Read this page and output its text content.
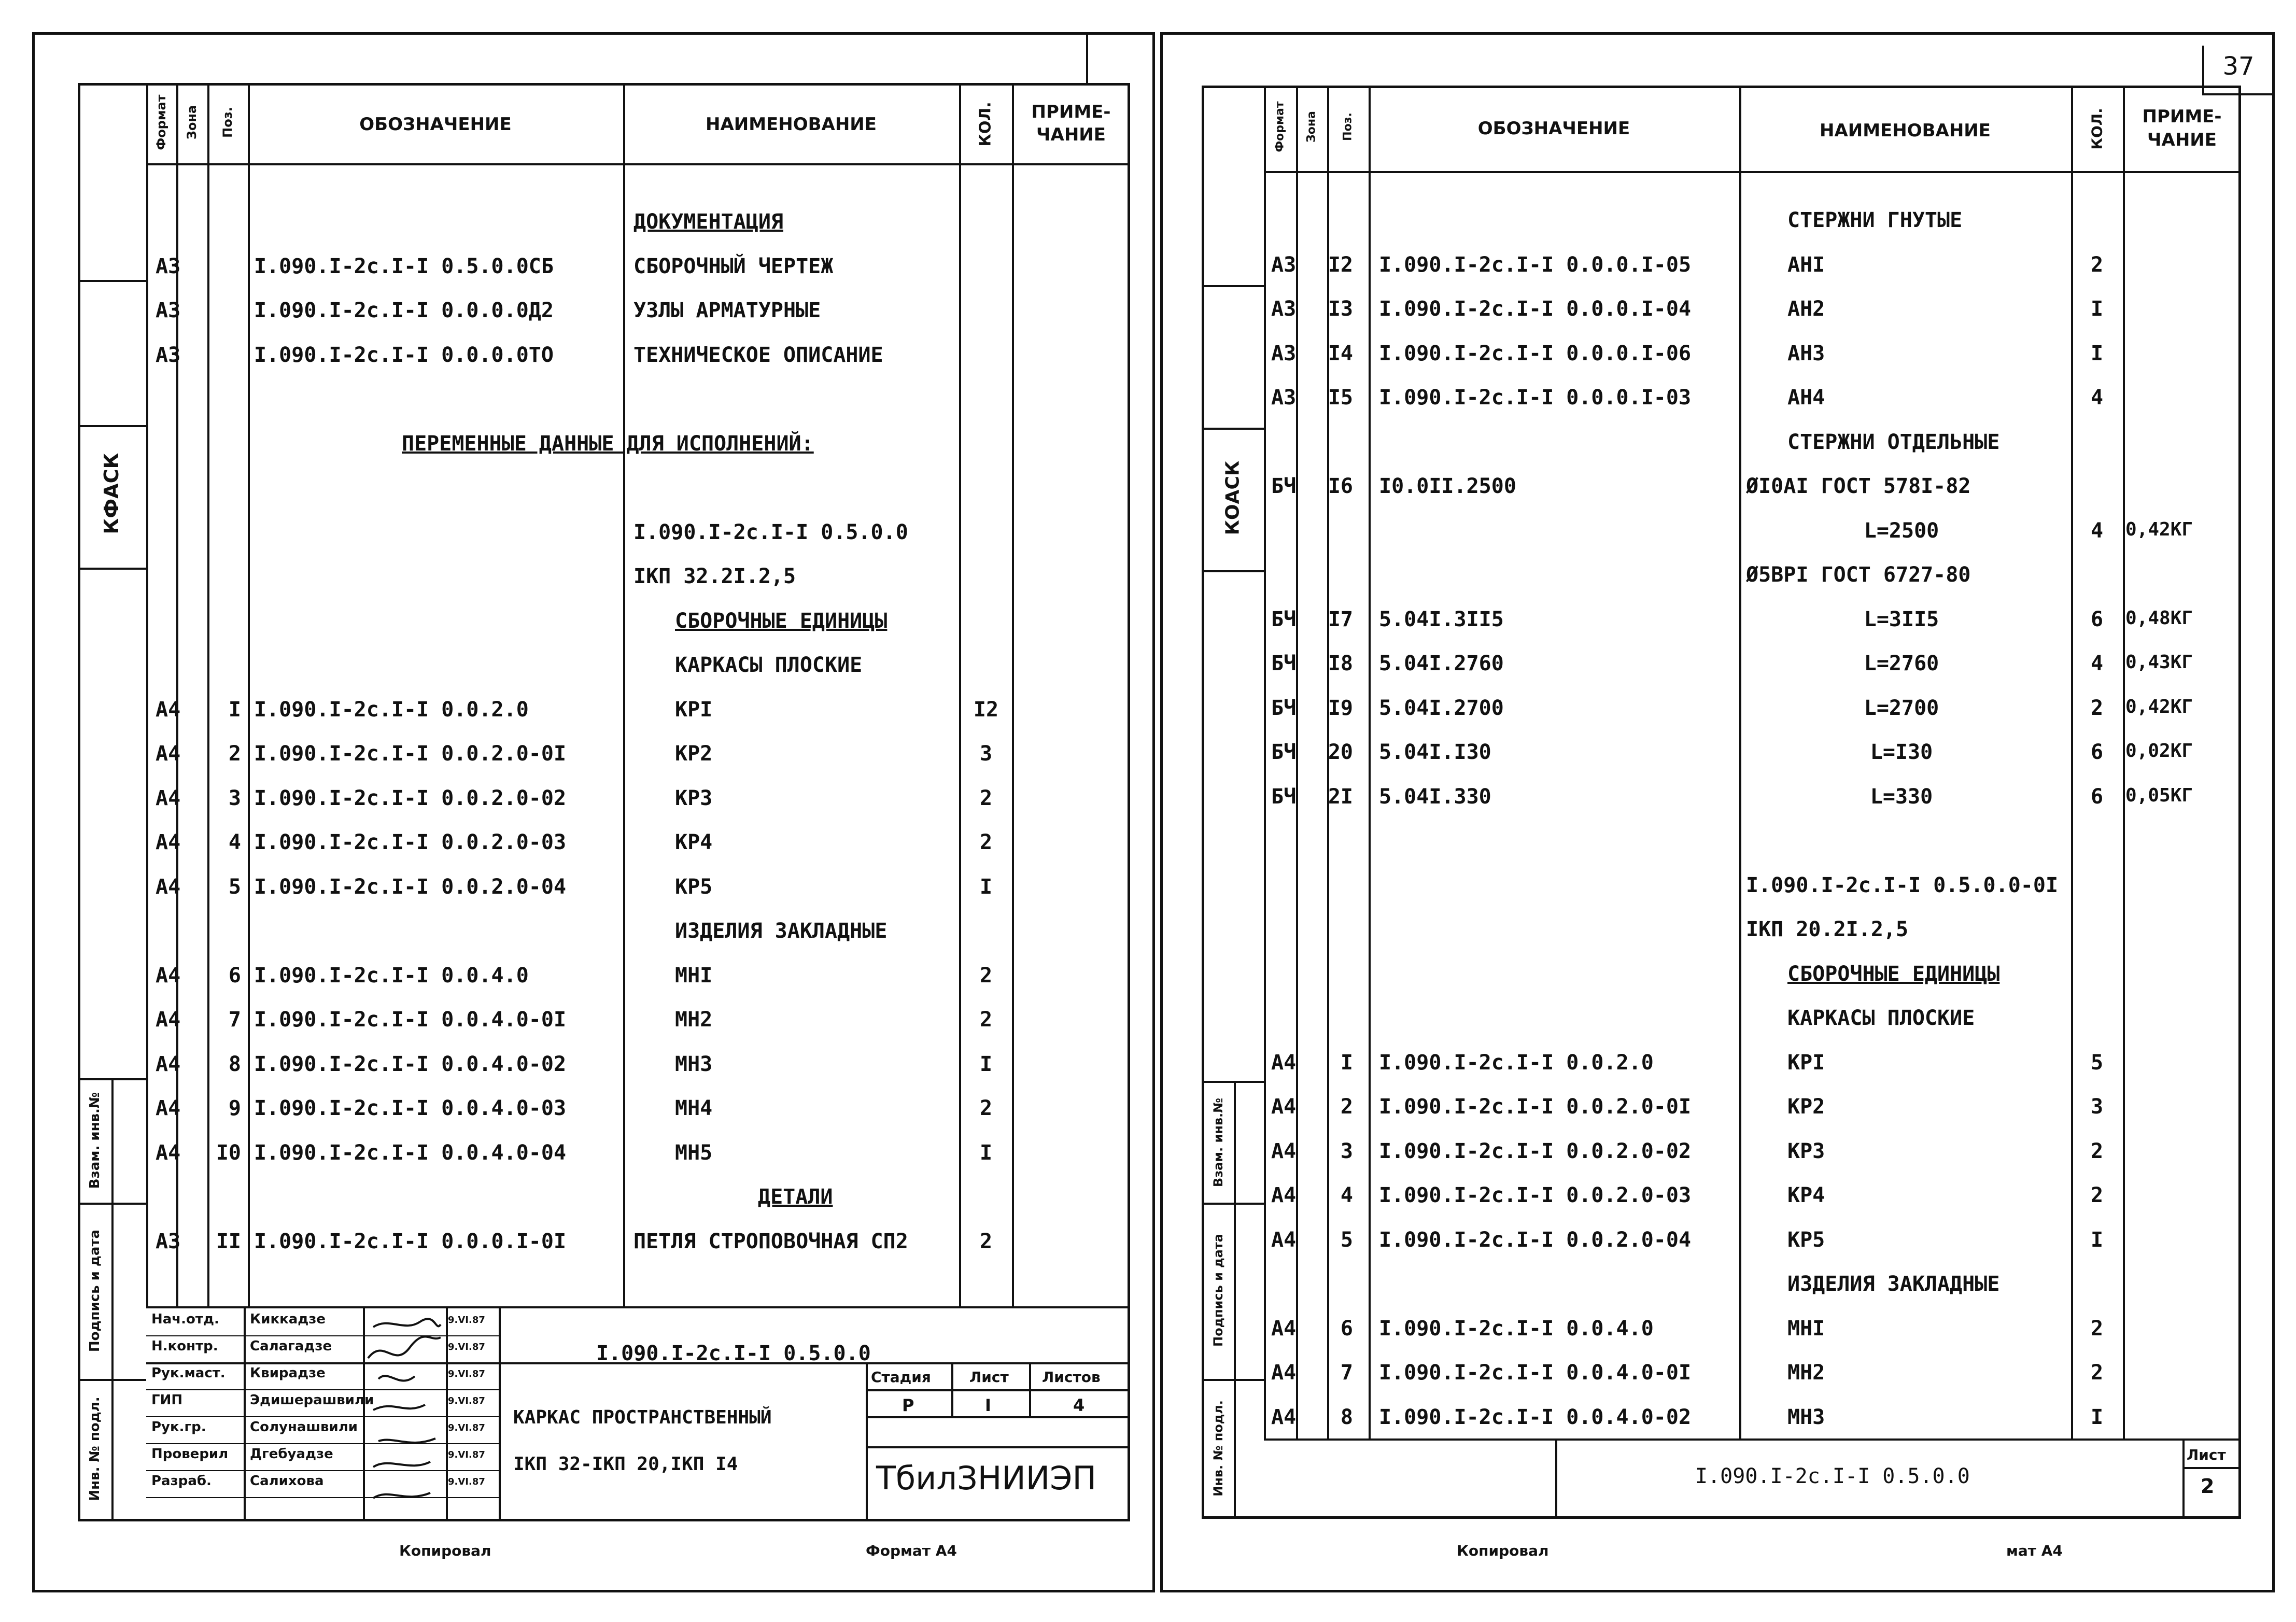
КФАСК
Взам. инв.№
Подпись и дата
Инв. № подл.
Формат Зона Поз.	ОБОЗНАЧЕНИЕ	НАИМЕНОВАНИЕ	КОЛ.	ПРИМЕ-
ЧАНИЕ
ДОКУМЕНТАЦИЯ
А3	I.090.I-2с.I-I 0.5.0.0СБ	СБОРОЧНЫЙ ЧЕРТЕЖ
А3	I.090.I-2с.I-I 0.0.0.0Д2	УЗЛЫ АРМАТУРНЫЕ
А3	I.090.I-2с.I-I 0.0.0.0ТО	ТЕХНИЧЕСКОЕ ОПИСАНИЕ
ПЕРЕМЕННЫЕ ДАННЫЕ ДЛЯ ИСПОЛНЕНИЙ:
I.090.I-2с.I-I 0.5.0.0
IКП 32.2I.2,5
СБОРОЧНЫЕ ЕДИНИЦЫ
КАРКАСЫ ПЛОСКИЕ
А4	I I.090.I-2с.I-I 0.0.2.0	КРI	I2
А4	2 I.090.I-2с.I-I 0.0.2.0-0I	КР2	3
А4	3 I.090.I-2с.I-I 0.0.2.0-02	КР3	2
А4	4 I.090.I-2с.I-I 0.0.2.0-03	КР4	2
А4	5 I.090.I-2с.I-I 0.0.2.0-04	КР5	I
ИЗДЕЛИЯ ЗАКЛАДНЫЕ
А4	6 I.090.I-2с.I-I 0.0.4.0	МНI	2
А4	7 I.090.I-2с.I-I 0.0.4.0-0I	МН2	2
А4	8 I.090.I-2с.I-I 0.0.4.0-02	МН3	I
А4	9 I.090.I-2с.I-I 0.0.4.0-03	МН4	2
А4	I0 I.090.I-2с.I-I 0.0.4.0-04	МН5	I
ДЕТАЛИ
А3	II I.090.I-2с.I-I 0.0.0.I-0I	ПЕТЛЯ СТРОПОВОЧНАЯ СП2	2
I.090.I-2с.I-I 0.5.0.0
КАРКАС ПРОСТРАНСТВЕННЫЙ
IКП 32-IКП 20,IКП I4
Стадия	Лист Листов
Р	I	4
ТбилЗНИИЭП
Нач.отд. Киккадзе	9.VI.87
Н.контр. Салагадзе	9.VI.87
Рук.маст. Квирадзе	9.VI.87
ГИП	Эдишерашвили	9.VI.87
Рук.гр.	Солунашвили	9.VI.87
Проверил Дгебуадзе	9.VI.87
Разраб.	Салихова	9.VI.87
Копировал	Формат А4
37
КОАСК
Взам. инв.№
Подпись и дата
Инв. № подл.
Формат Зона Поз.	ОБОЗНАЧЕНИЕ	НАИМЕНОВАНИЕ	КОЛ.	ПРИМЕ-
ЧАНИЕ
СТЕРЖНИ ГНУТЫЕ
А3	I2 I.090.I-2с.I-I 0.0.0.I-05	АНI	2
А3	I3 I.090.I-2с.I-I 0.0.0.I-04	АН2	I
А3	I4 I.090.I-2с.I-I 0.0.0.I-06	АН3	I
А3	I5 I.090.I-2с.I-I 0.0.0.I-03	АН4	4
СТЕРЖНИ ОТДЕЛЬНЫЕ
БЧ	I6 I0.0II.2500	ØI0АI ГОСТ 578I-82
L=2500	4	0,42КГ
Ø5ВРI ГОСТ 6727-80
БЧ	I7 5.04I.3II5	L=3II5	6	0,48КГ
БЧ	I8 5.04I.2760	L=2760	4	0,43КГ
БЧ	I9 5.04I.2700	L=2700	2	0,42КГ
БЧ	20 5.04I.I30	L=I30	6	0,02КГ
БЧ	2I 5.04I.330	L=330	6	0,05КГ
I.090.I-2с.I-I 0.5.0.0-0I
IКП 20.2I.2,5
СБОРОЧНЫЕ ЕДИНИЦЫ
КАРКАСЫ ПЛОСКИЕ
А4	I I.090.I-2с.I-I 0.0.2.0	КРI	5
А4	2 I.090.I-2с.I-I 0.0.2.0-0I	КР2	3
А4	3 I.090.I-2с.I-I 0.0.2.0-02	КР3	2
А4	4 I.090.I-2с.I-I 0.0.2.0-03	КР4	2
А4	5 I.090.I-2с.I-I 0.0.2.0-04	КР5	I
ИЗДЕЛИЯ ЗАКЛАДНЫЕ
А4	6 I.090.I-2с.I-I 0.0.4.0	МНI	2
А4	7 I.090.I-2с.I-I 0.0.4.0-0I	МН2	2
А4	8 I.090.I-2с.I-I 0.0.4.0-02	МН3	I
I.090.I-2с.I-I 0.5.0.0
Лист
2
Копировал	мат А4
